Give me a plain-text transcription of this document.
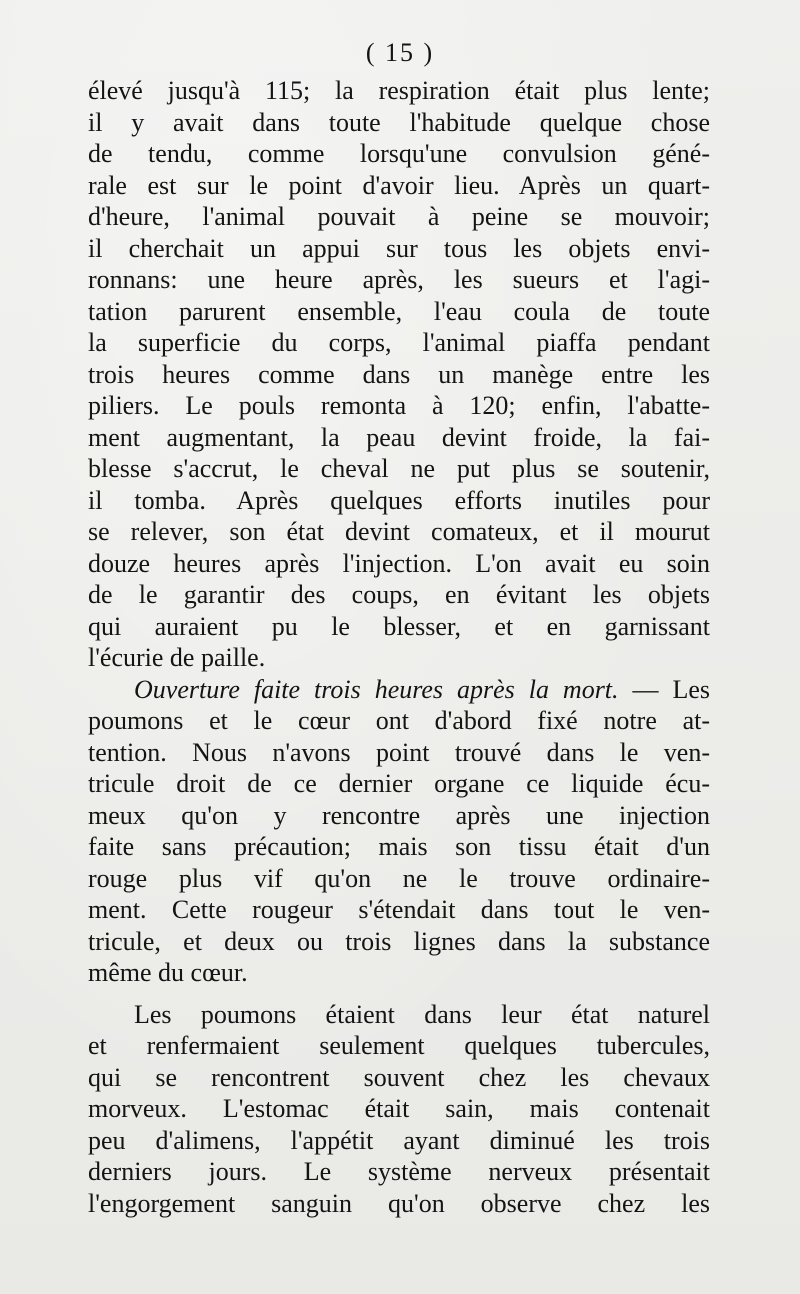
( 15 )
élevé jusqu'à 115; la respiration était plus lente;
il y avait dans toute l'habitude quelque chose
de tendu, comme lorsqu'une convulsion géné-
rale est sur le point d'avoir lieu. Après un quart-
d'heure, l'animal pouvait à peine se mouvoir;
il cherchait un appui sur tous les objets envi-
ronnans: une heure après, les sueurs et l'agi-
tation parurent ensemble, l'eau coula de toute
la superficie du corps, l'animal piaffa pendant
trois heures comme dans un manège entre les
piliers. Le pouls remonta à 120; enfin, l'abatte-
ment augmentant, la peau devint froide, la fai-
blesse s'accrut, le cheval ne put plus se soutenir,
il tomba. Après quelques efforts inutiles pour
se relever, son état devint comateux, et il mourut
douze heures après l'injection. L'on avait eu soin
de le garantir des coups, en évitant les objets
qui auraient pu le blesser, et en garnissant
l'écurie de paille.
Ouverture faite trois heures après la mort. — Les
poumons et le cœur ont d'abord fixé notre at-
tention. Nous n'avons point trouvé dans le ven-
tricule droit de ce dernier organe ce liquide écu-
meux qu'on y rencontre après une injection
faite sans précaution; mais son tissu était d'un
rouge plus vif qu'on ne le trouve ordinaire-
ment. Cette rougeur s'étendait dans tout le ven-
tricule, et deux ou trois lignes dans la substance
même du cœur.
Les poumons étaient dans leur état naturel
et renfermaient seulement quelques tubercules,
qui se rencontrent souvent chez les chevaux
morveux. L'estomac était sain, mais contenait
peu d'alimens, l'appétit ayant diminué les trois
derniers jours. Le système nerveux présentait
l'engorgement sanguin qu'on observe chez les
